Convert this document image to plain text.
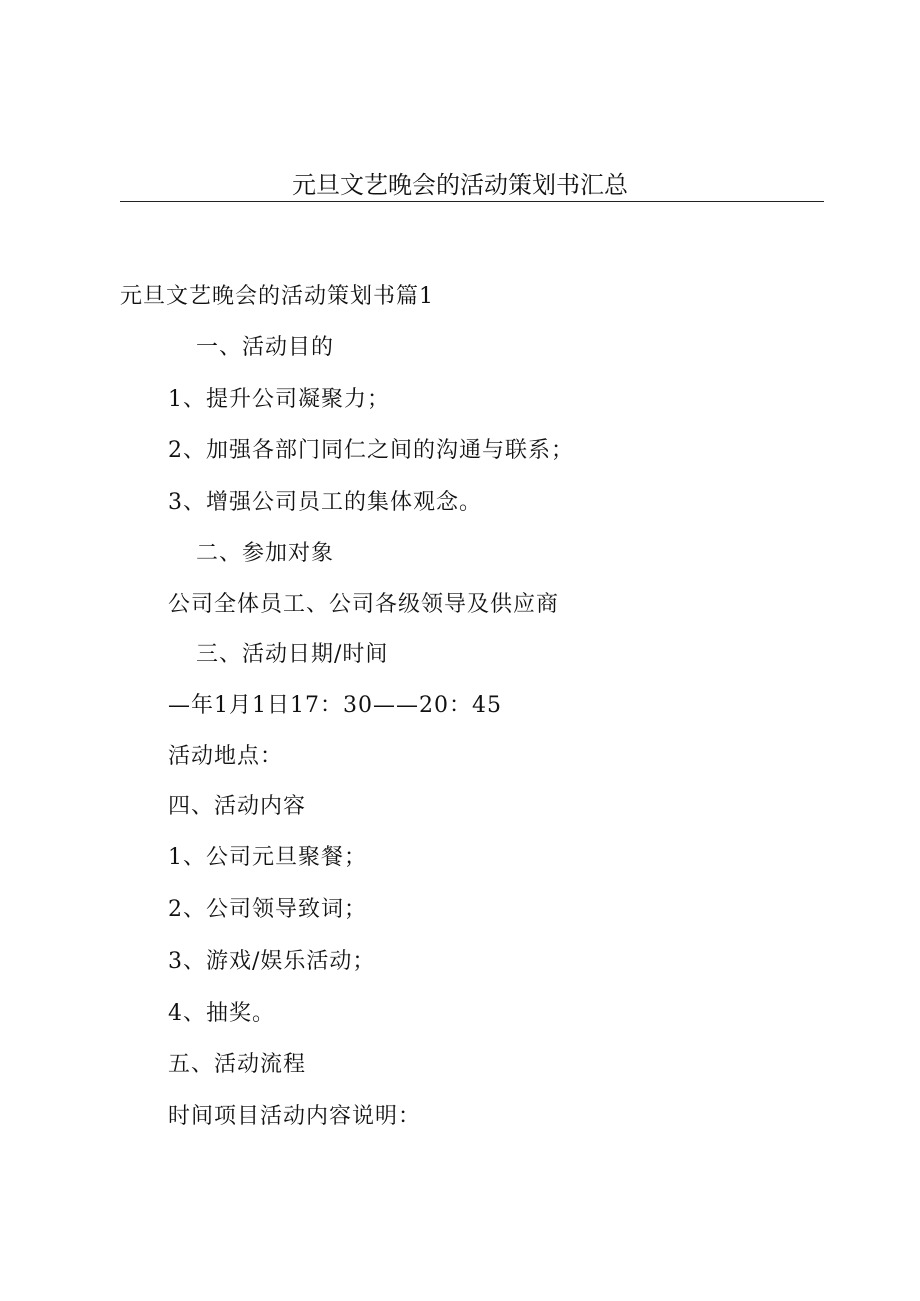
元旦文艺晚会的活动策划书汇总
元旦文艺晚会的活动策划书篇1
一、活动目的
1、提升公司凝聚力；
2、加强各部门同仁之间的沟通与联系；
3、增强公司员工的集体观念。
二、参加对象
公司全体员工、公司各级领导及供应商
三、活动日期/时间
—年1月1日17：30——20：45
活动地点：
四、活动内容
1、公司元旦聚餐；
2、公司领导致词；
3、游戏/娱乐活动；
4、抽奖。
五、活动流程
时间项目活动内容说明：
